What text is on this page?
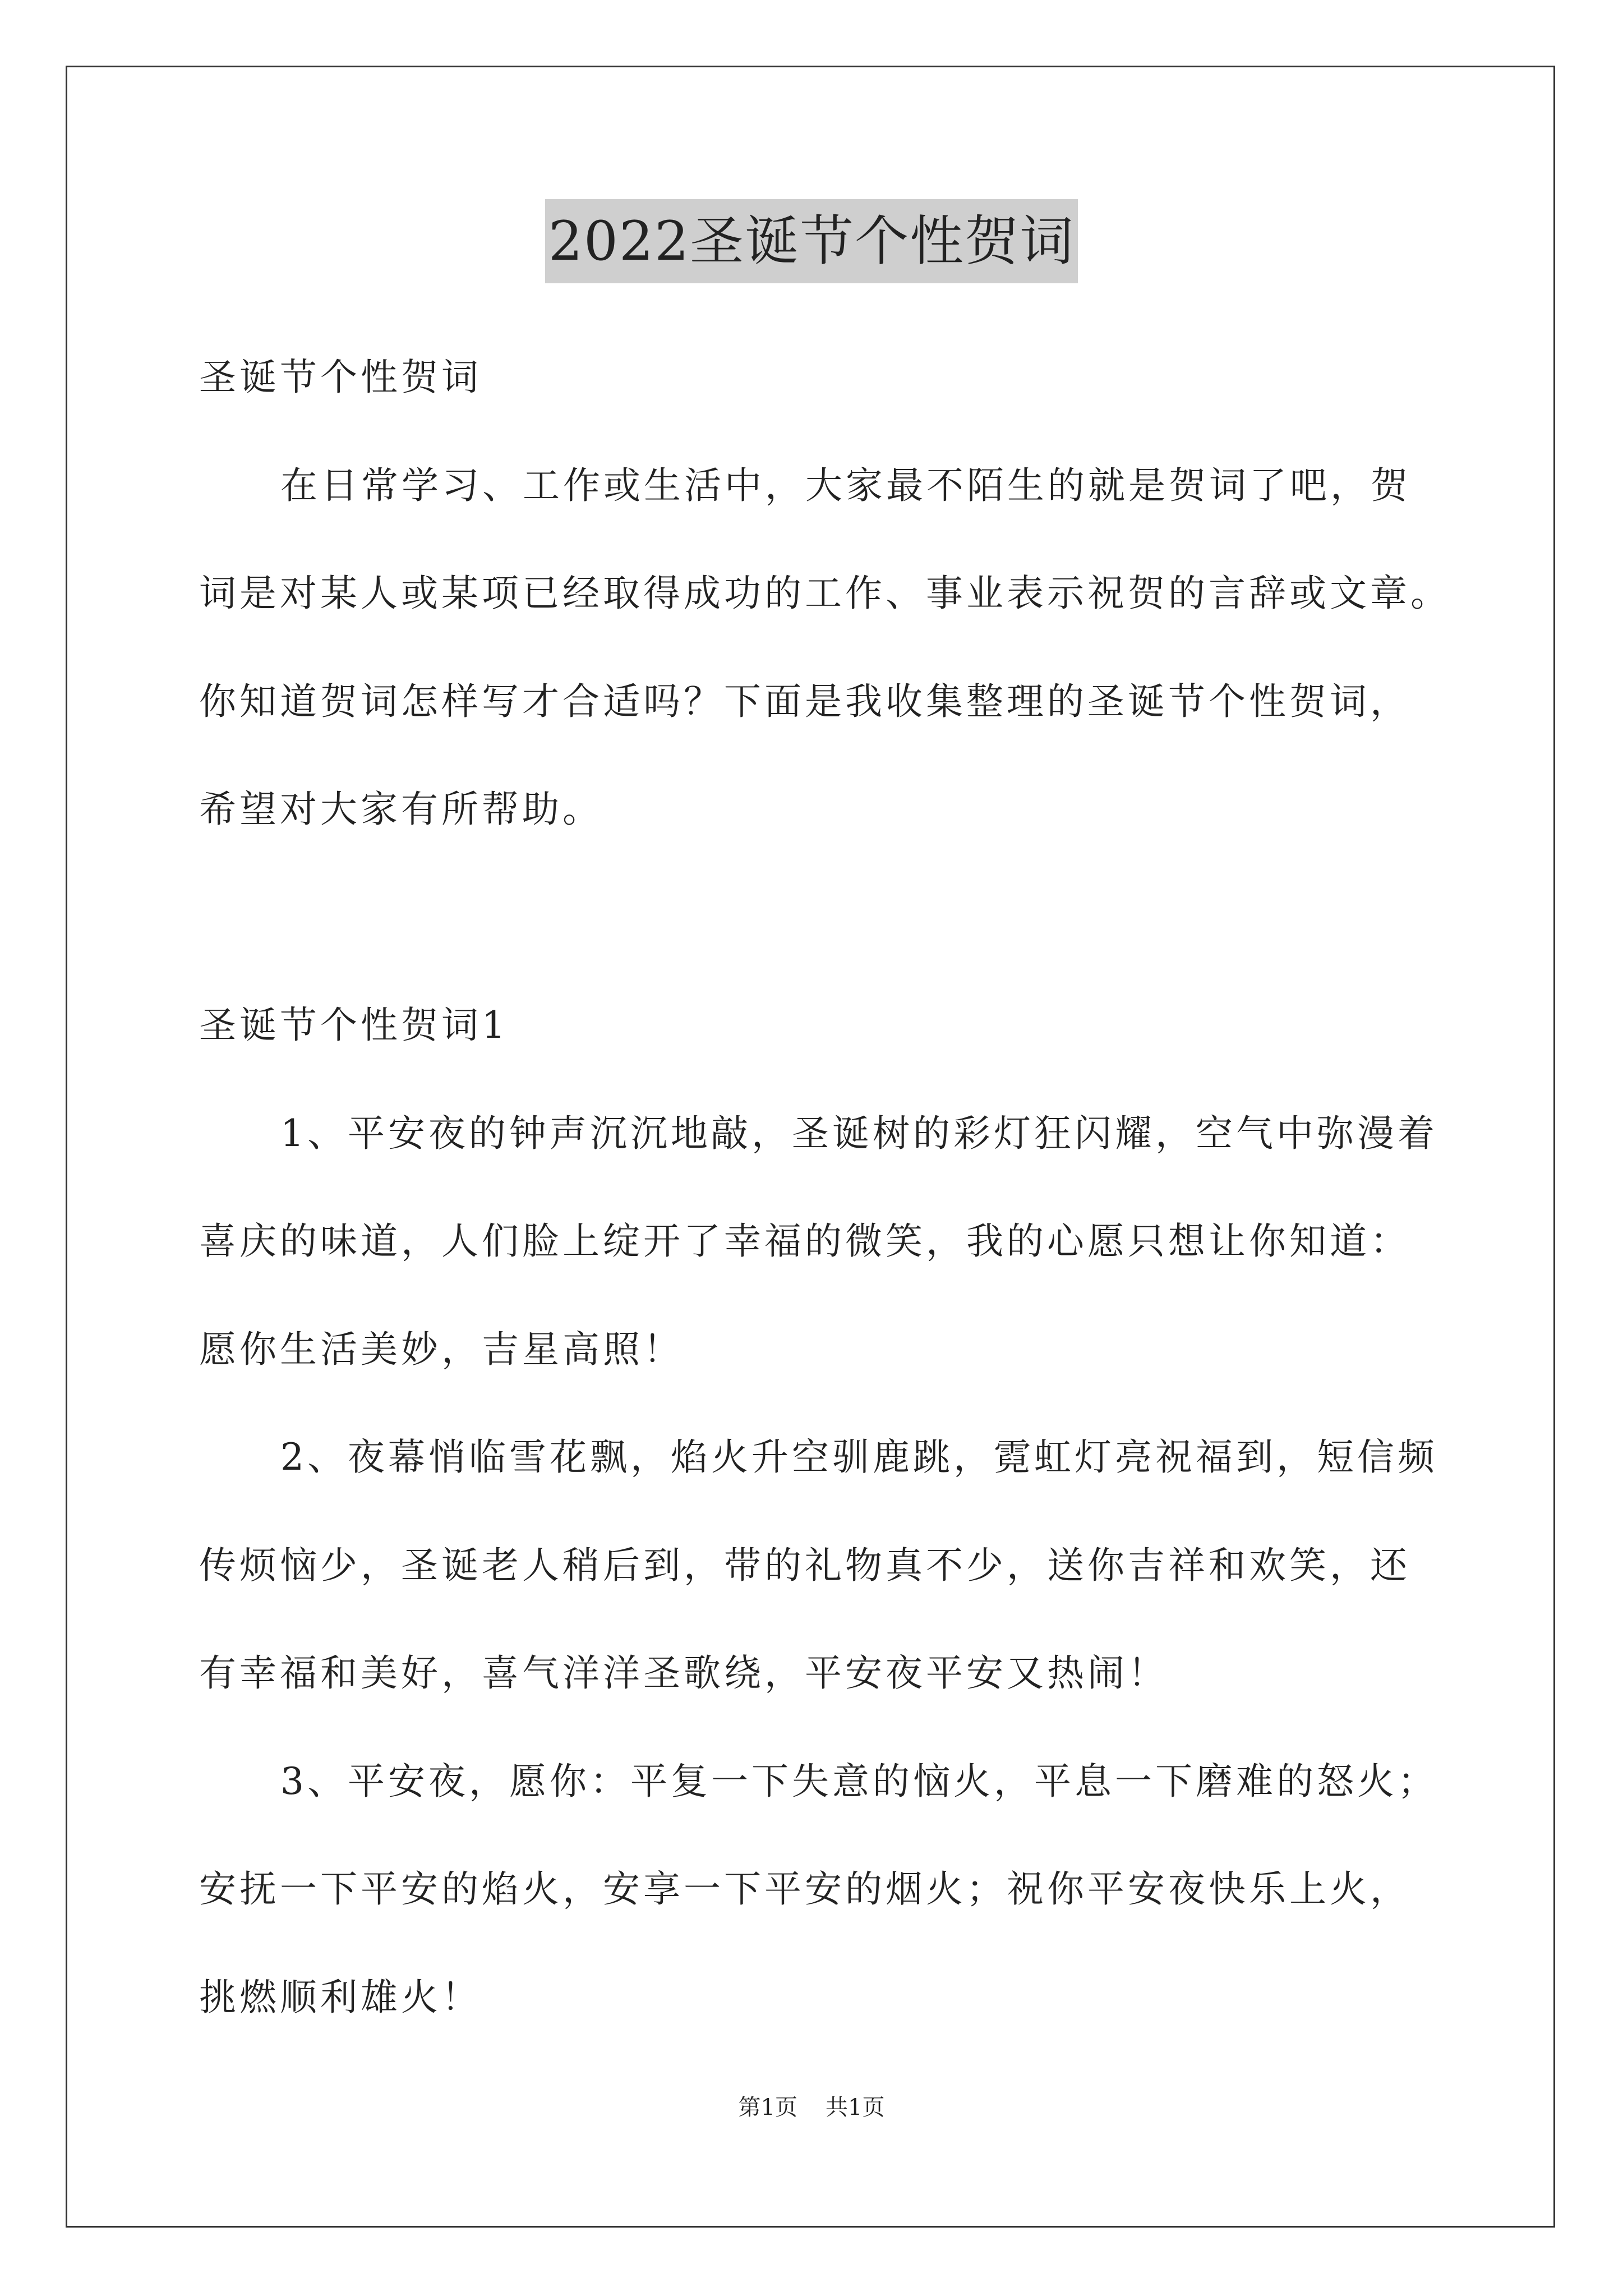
2022圣诞节个性贺词
圣诞节个性贺词
在日常学习、工作或生活中，大家最不陌生的就是贺词了吧，贺
词是对某人或某项已经取得成功的工作、事业表示祝贺的言辞或文章。
你知道贺词怎样写才合适吗？下面是我收集整理的圣诞节个性贺词，
希望对大家有所帮助。
圣诞节个性贺词1
1、平安夜的钟声沉沉地敲，圣诞树的彩灯狂闪耀，空气中弥漫着
喜庆的味道，人们脸上绽开了幸福的微笑，我的心愿只想让你知道：
愿你生活美妙，吉星高照！
2、夜幕悄临雪花飘，焰火升空驯鹿跳，霓虹灯亮祝福到，短信频
传烦恼少，圣诞老人稍后到，带的礼物真不少，送你吉祥和欢笑，还
有幸福和美好，喜气洋洋圣歌绕，平安夜平安又热闹！
3、平安夜，愿你：平复一下失意的恼火，平息一下磨难的怒火；
安抚一下平安的焰火，安享一下平安的烟火；祝你平安夜快乐上火，
挑燃顺利雄火！
第1页 共1页
